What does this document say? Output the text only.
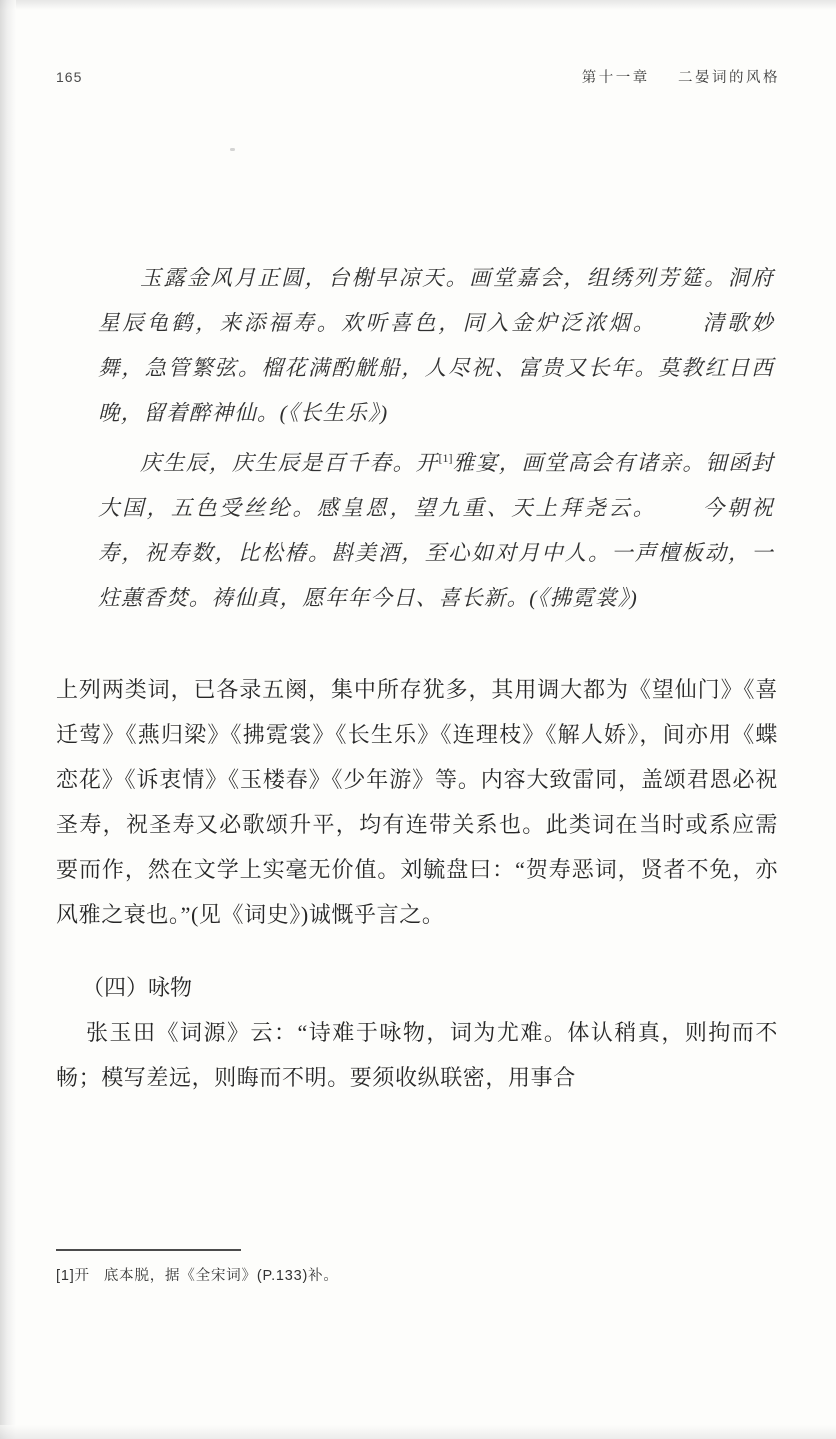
165	第十一章 二晏词的风格

玉露金风月正圆，台榭早凉天。画堂嘉会，组绣列芳筵。洞府星辰龟鹤，来添福寿。欢听喜色，同入金炉泛浓烟。 清歌妙舞，急管繁弦。榴花满酌觥船，人尽祝、富贵又长年。莫教红日西晚，留着醉神仙。(《长生乐》)

庆生辰，庆生辰是百千春。开[1]雅宴，画堂高会有诸亲。钿函封大国，五色受丝纶。感皇恩，望九重、天上拜尧云。 今朝祝寿，祝寿数，比松椿。斟美酒，至心如对月中人。一声檀板动，一炷蕙香焚。祷仙真，愿年年今日、喜长新。(《拂霓裳》)

上列两类词，已各录五阕，集中所存犹多，其用调大都为《望仙门》《喜迁莺》《燕归梁》《拂霓裳》《长生乐》《连理枝》《解人娇》，间亦用《蝶恋花》《诉衷情》《玉楼春》《少年游》等。内容大致雷同，盖颂君恩必祝圣寿，祝圣寿又必歌颂升平，均有连带关系也。此类词在当时或系应需要而作，然在文学上实毫无价值。刘毓盘曰：“贺寿恶词，贤者不免，亦风雅之衰也。”(见《词史》)诚慨乎言之。

（四）咏物

张玉田《词源》云：“诗难于咏物，词为尤难。体认稍真，则拘而不畅；模写差远，则晦而不明。要须收纵联密，用事合

[1]开 底本脱，据《全宋词》(P.133)补。
